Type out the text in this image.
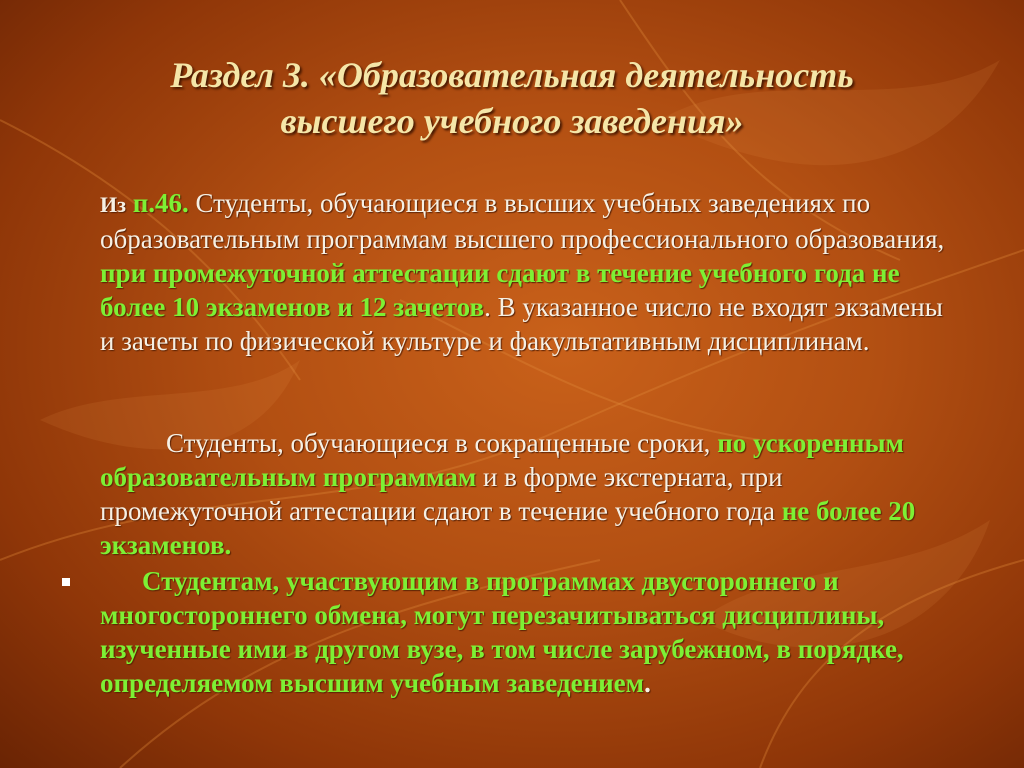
Раздел 3. «Образовательная деятельность
высшего учебного заведения»
Из п.46. Студенты, обучающиеся в высших учебных заведениях по образовательным программам высшего профессионального образования, при промежуточной аттестации сдают в течение учебного года не более 10 экзаменов и 12 зачетов. В указанное число не входят экзамены и зачеты по физической культуре и факультативным дисциплинам.
Студенты, обучающиеся в сокращенные сроки, по ускоренным образовательным программам и в форме экстерната, при промежуточной аттестации сдают в течение учебного года не более 20 экзаменов.
Студентам, участвующим в программах двустороннего и многостороннего обмена, могут перезачитываться дисциплины, изученные ими в другом вузе, в том числе зарубежном, в порядке, определяемом высшим учебным заведением.
